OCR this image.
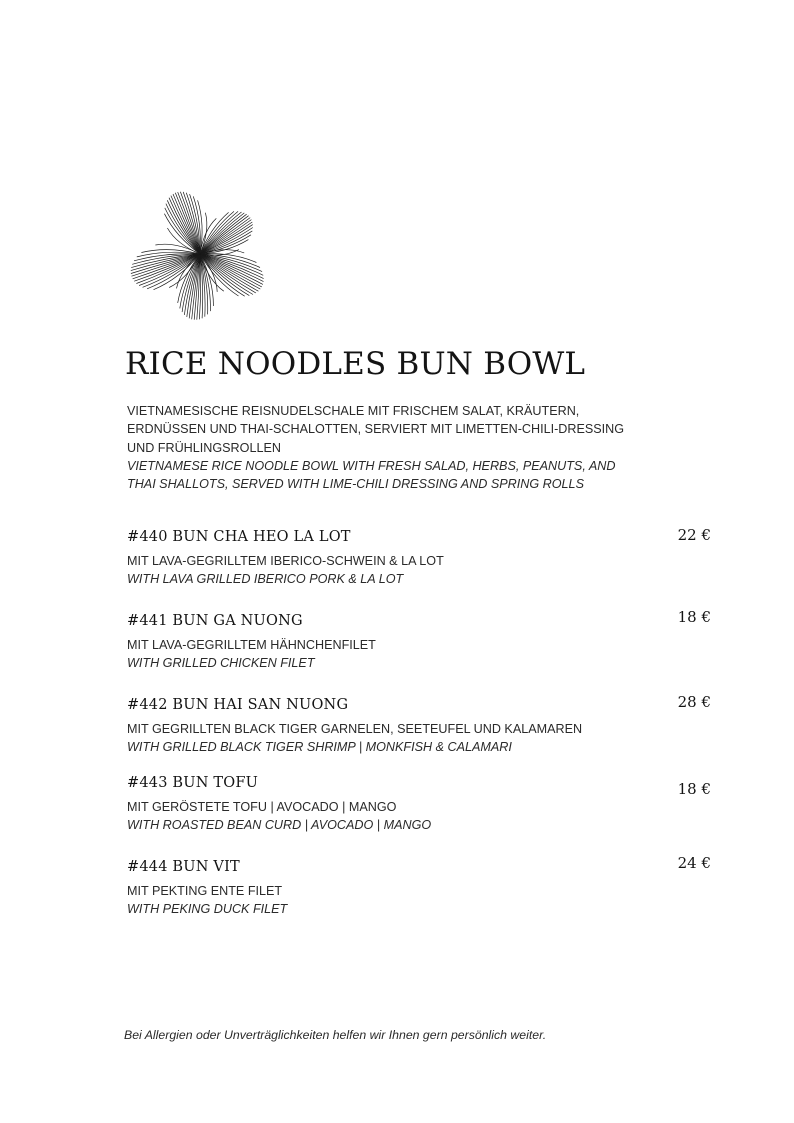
RICE NOODLES BUN BOWL

VIETNAMESISCHE REISNUDELSCHALE MIT FRISCHEM SALAT, KRÄUTERN,

ERDNÜSSEN UND THAI-SCHALOTTEN, SERVIERT MIT LIMETTEN-CHILI-DRESSING

UND FRÜHLINGSROLLEN

VIETNAMESE RICE NOODLE BOWL WITH FRESH SALAD, HERBS, PEANUTS, AND

THAI SHALLOTS, SERVED WITH LIME-CHILI DRESSING AND SPRING ROLLS

#440 BUN CHA HEO LA LOT	22 €

MIT LAVA-GEGRILLTEM IBERICO-SCHWEIN & LA LOT

WITH LAVA GRILLED IBERICO PORK & LA LOT

#441 BUN GA NUONG	18 €

MIT LAVA-GEGRILLTEM HÄHNCHENFILET

WITH GRILLED CHICKEN FILET

#442 BUN HAI SAN NUONG	28 €

MIT GEGRILLTEN BLACK TIGER GARNELEN, SEETEUFEL UND KALAMAREN

WITH GRILLED BLACK TIGER SHRIMP | MONKFISH & CALAMARI

#443 BUN TOFU	18 €

MIT GERÖSTETE TOFU | AVOCADO | MANGO

WITH ROASTED BEAN CURD | AVOCADO | MANGO

#444 BUN VIT	24 €

MIT PEKTING ENTE FILET

WITH PEKING DUCK FILET

Bei Allergien oder Unverträglichkeiten helfen wir Ihnen gern persönlich weiter.
